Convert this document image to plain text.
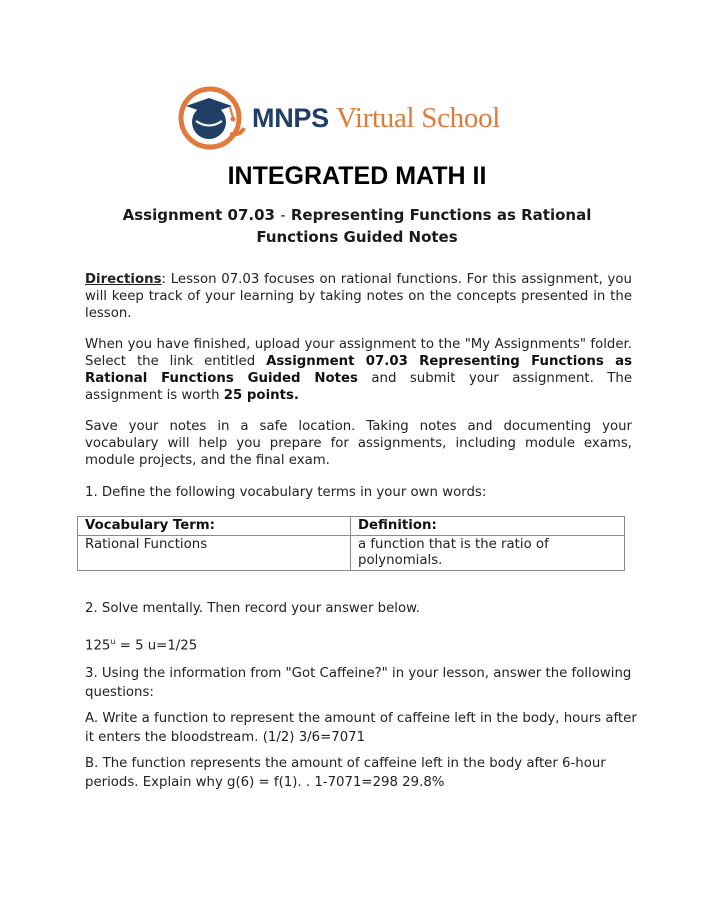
MNPS Virtual School
INTEGRATED MATH II
Assignment 07.03 - Representing Functions as Rational Functions Guided Notes
Directions: Lesson 07.03 focuses on rational functions. For this assignment, you will keep track of your learning by taking notes on the concepts presented in the lesson.
When you have finished, upload your assignment to the "My Assignments" folder. Select the link entitled Assignment 07.03 Representing Functions as Rational Functions Guided Notes and submit your assignment. The assignment is worth 25 points.
Save your notes in a safe location. Taking notes and documenting your vocabulary will help you prepare for assignments, including module exams, module projects, and the final exam.
1. Define the following vocabulary terms in your own words:
Vocabulary Term:	Definition:
Rational Functions	a function that is the ratio of polynomials.
2. Solve mentally. Then record your answer below.
$125^u = 5$ u=1/25
3. Using the information from "Got Caffeine?" in your lesson, answer the following questions:
A. Write a function to represent the amount of caffeine left in the body, hours after it enters the bloodstream. (1/2) 3/6=7071
B. The function represents the amount of caffeine left in the body after 6-hour periods. Explain why g(6) = f(1). . 1-7071=298 29.8%
